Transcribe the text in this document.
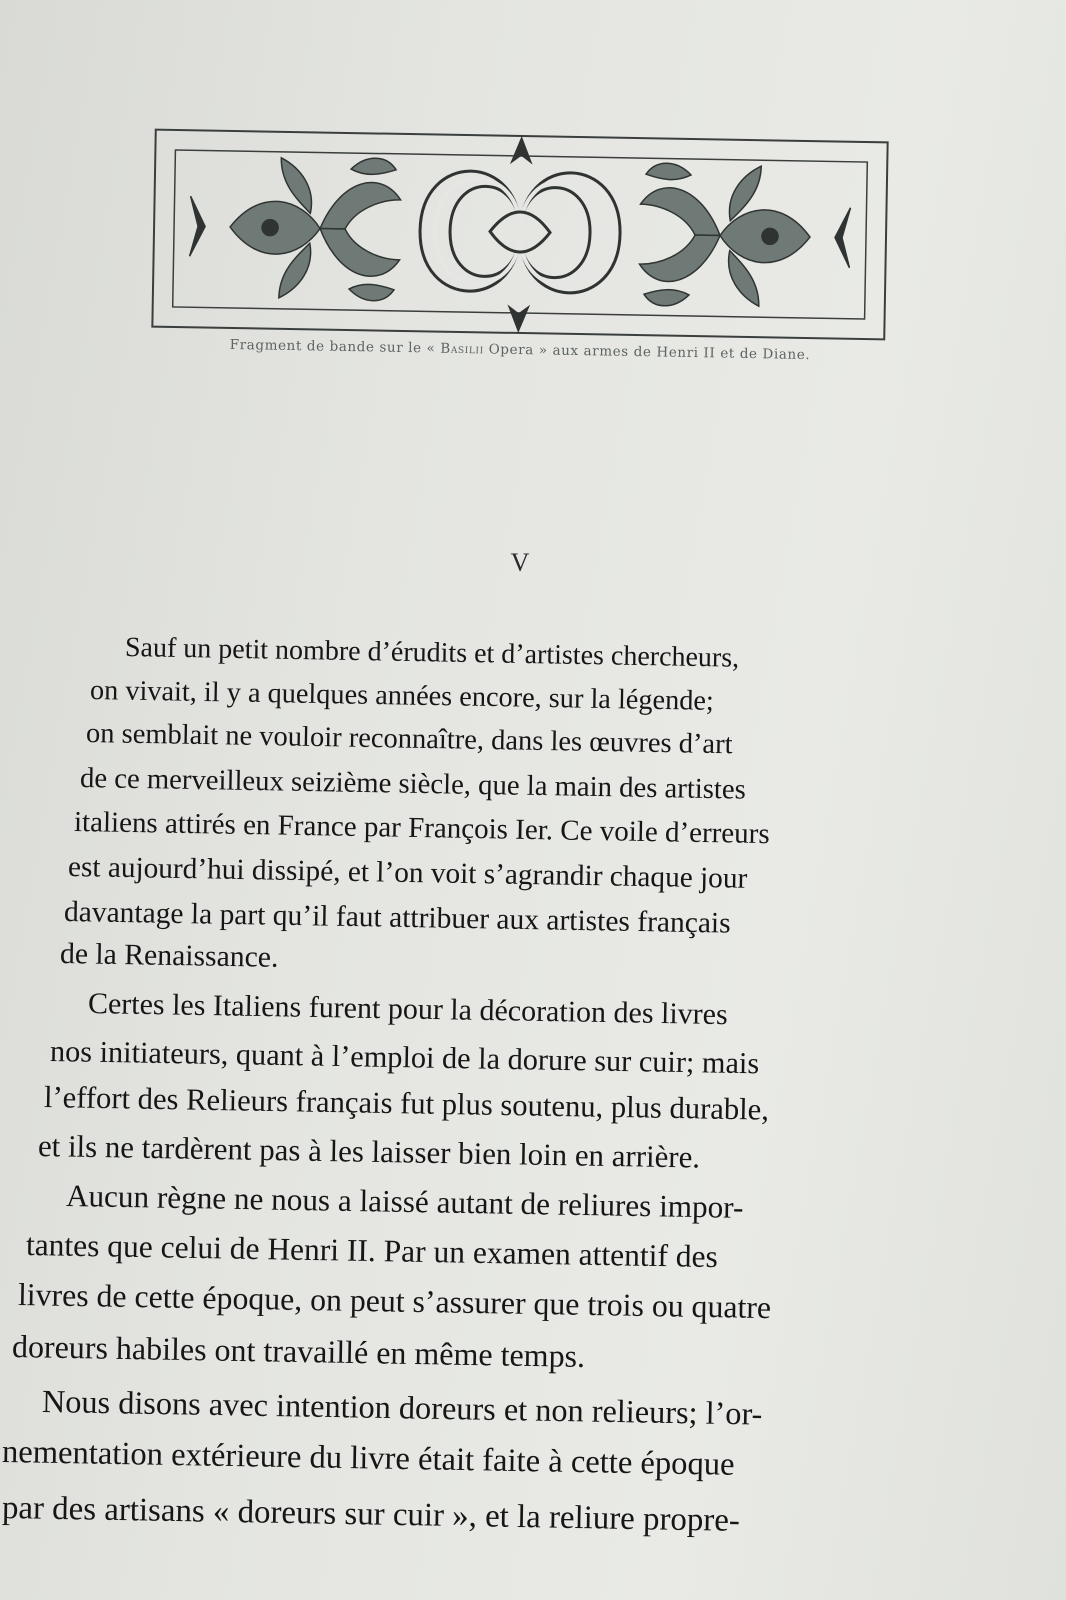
Fragment de bande sur le « Basilii Opera » aux armes de Henri II et de Diane.
V
Sauf un petit nombre d’érudits et d’artistes chercheurs,
on vivait, il y a quelques années encore, sur la légende;
on semblait ne vouloir reconnaître, dans les œuvres d’art
de ce merveilleux seizième siècle, que la main des artistes
italiens attirés en France par François Ier. Ce voile d’erreurs
est aujourd’hui dissipé, et l’on voit s’agrandir chaque jour
davantage la part qu’il faut attribuer aux artistes français
de la Renaissance.
Certes les Italiens furent pour la décoration des livres
nos initiateurs, quant à l’emploi de la dorure sur cuir; mais
l’effort des Relieurs français fut plus soutenu, plus durable,
et ils ne tardèrent pas à les laisser bien loin en arrière.
Aucun règne ne nous a laissé autant de reliures impor-
tantes que celui de Henri II. Par un examen attentif des
livres de cette époque, on peut s’assurer que trois ou quatre
doreurs habiles ont travaillé en même temps.
Nous disons avec intention doreurs et non relieurs; l’or-
nementation extérieure du livre était faite à cette époque
par des artisans « doreurs sur cuir », et la reliure propre-
